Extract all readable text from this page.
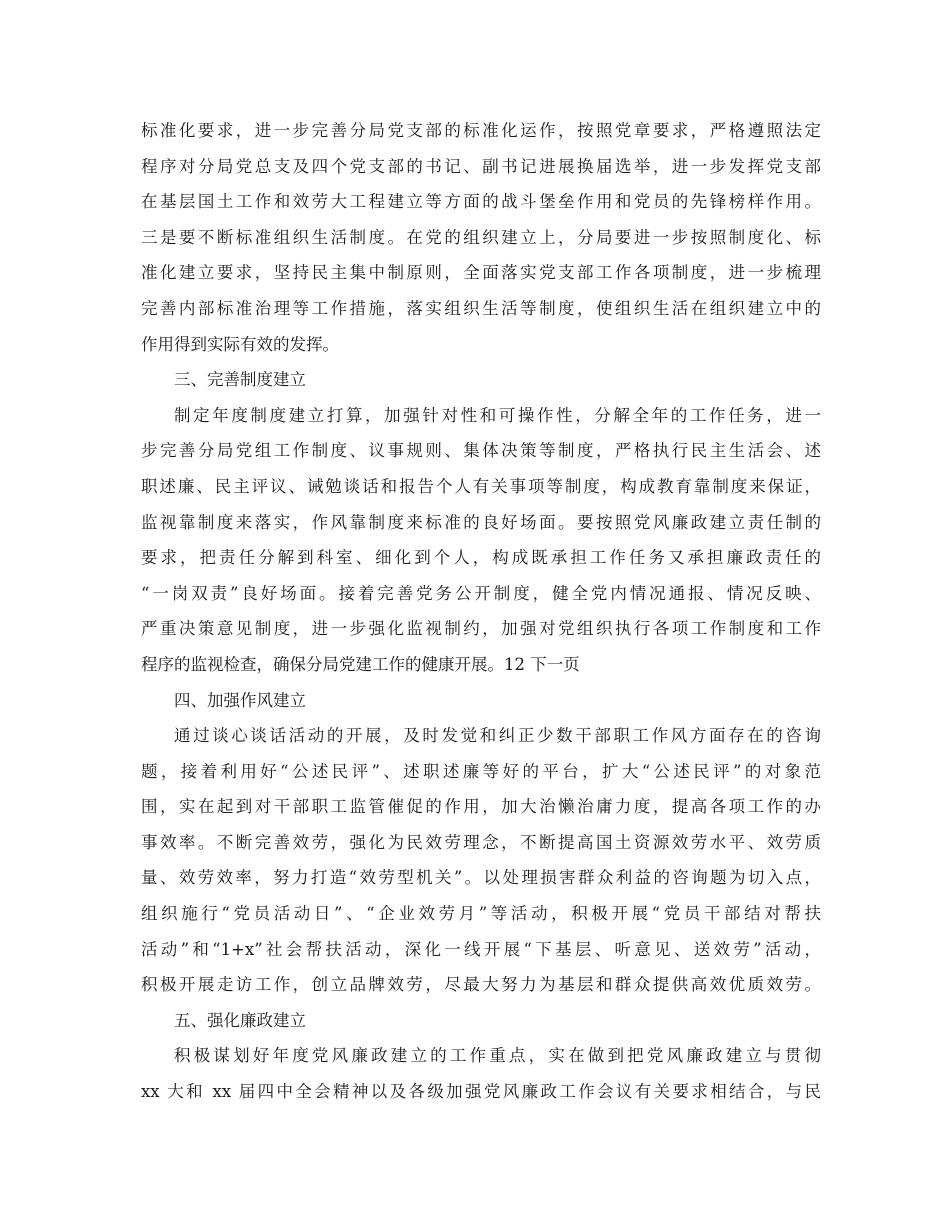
标准化要求，进一步完善分局党支部的标准化运作，按照党章要求，严格遵照法定
程序对分局党总支及四个党支部的书记、副书记进展换届选举，进一步发挥党支部
在基层国土工作和效劳大工程建立等方面的战斗堡垒作用和党员的先锋榜样作用。
三是要不断标准组织生活制度。在党的组织建立上，分局要进一步按照制度化、标
准化建立要求，坚持民主集中制原则，全面落实党支部工作各项制度，进一步梳理
完善内部标准治理等工作措施，落实组织生活等制度，使组织生活在组织建立中的
作用得到实际有效的发挥。
三、完善制度建立
制定年度制度建立打算，加强针对性和可操作性，分解全年的工作任务，进一
步完善分局党组工作制度、议事规则、集体决策等制度，严格执行民主生活会、述
职述廉、民主评议、诫勉谈话和报告个人有关事项等制度，构成教育靠制度来保证，
监视靠制度来落实，作风靠制度来标准的良好场面。要按照党风廉政建立责任制的
要求，把责任分解到科室、细化到个人，构成既承担工作任务又承担廉政责任的
“一岗双责”良好场面。接着完善党务公开制度，健全党内情况通报、情况反映、
严重决策意见制度，进一步强化监视制约，加强对党组织执行各项工作制度和工作
程序的监视检查，确保分局党建工作的健康开展。12 下一页
四、加强作风建立
通过谈心谈话活动的开展，及时发觉和纠正少数干部职工作风方面存在的咨询
题，接着利用好“公述民评”、述职述廉等好的平台，扩大“公述民评”的对象范
围，实在起到对干部职工监管催促的作用，加大治懒治庸力度，提高各项工作的办
事效率。不断完善效劳，强化为民效劳理念，不断提高国土资源效劳水平、效劳质
量、效劳效率，努力打造“效劳型机关”。以处理损害群众利益的咨询题为切入点，
组织施行“党员活动日”、“企业效劳月”等活动，积极开展“党员干部结对帮扶
活动”和“1+x”社会帮扶活动，深化一线开展“下基层、听意见、送效劳”活动，
积极开展走访工作，创立品牌效劳，尽最大努力为基层和群众提供高效优质效劳。
五、强化廉政建立
积极谋划好年度党风廉政建立的工作重点，实在做到把党风廉政建立与贯彻
xx 大和 xx 届四中全会精神以及各级加强党风廉政工作会议有关要求相结合，与民
